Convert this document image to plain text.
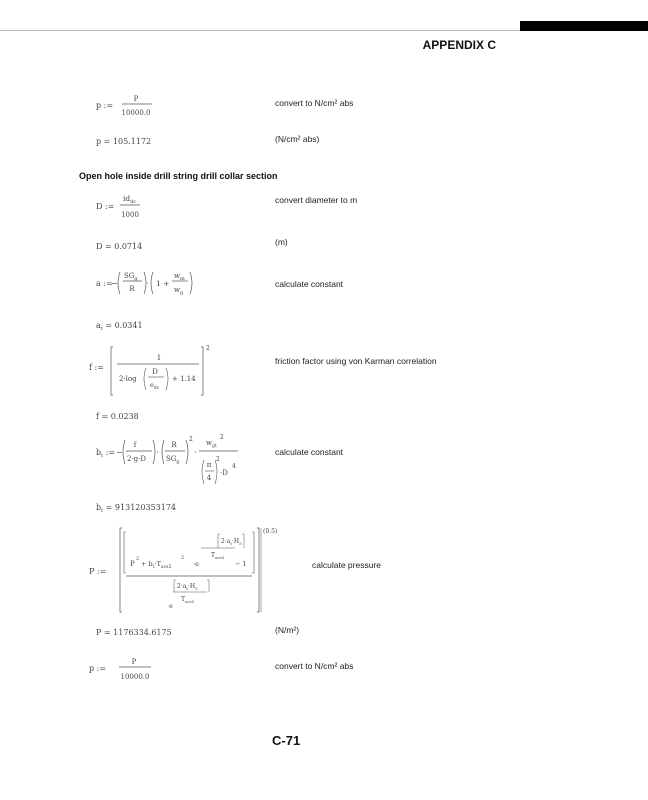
APPENDIX C
p :=
P
10000.0
convert to N/cm² abs
p = 105.1172	(N/cm² abs)
Open hole inside drill string drill collar section
D :=
$id_{dc}$
1000
convert diameter to m
D = 0.0714	(m)
a :=
−
$SG_g$
R
· 1 +
$w_m$
$w_g$
calculate constant
$a_t = 0.0341$
f :=
2
1
2·log
D
$e_{dc}$
+ 1.14
friction factor using von Karman correlation
f = 0.0238
$b_t$ := −
f
2·g·D
·
R
$SG_g$
2
·
$w_{gt}$
2
π
4
2
·D
4
calculate constant
$b_t = 913120353174$
P :=
(0.5)
P
2
+ $b_t\cdot T_{avs5}$
2
·e
$2\cdot a_t\cdot H_5$
$T_{avs5}$
− 1
$2\cdot a_t\cdot H_5$
$T_{avs5}$
e
calculate pressure
P = 1176334.6175	(N/m²)
p :=
P
10000.0
convert to N/cm² abs
C-71
